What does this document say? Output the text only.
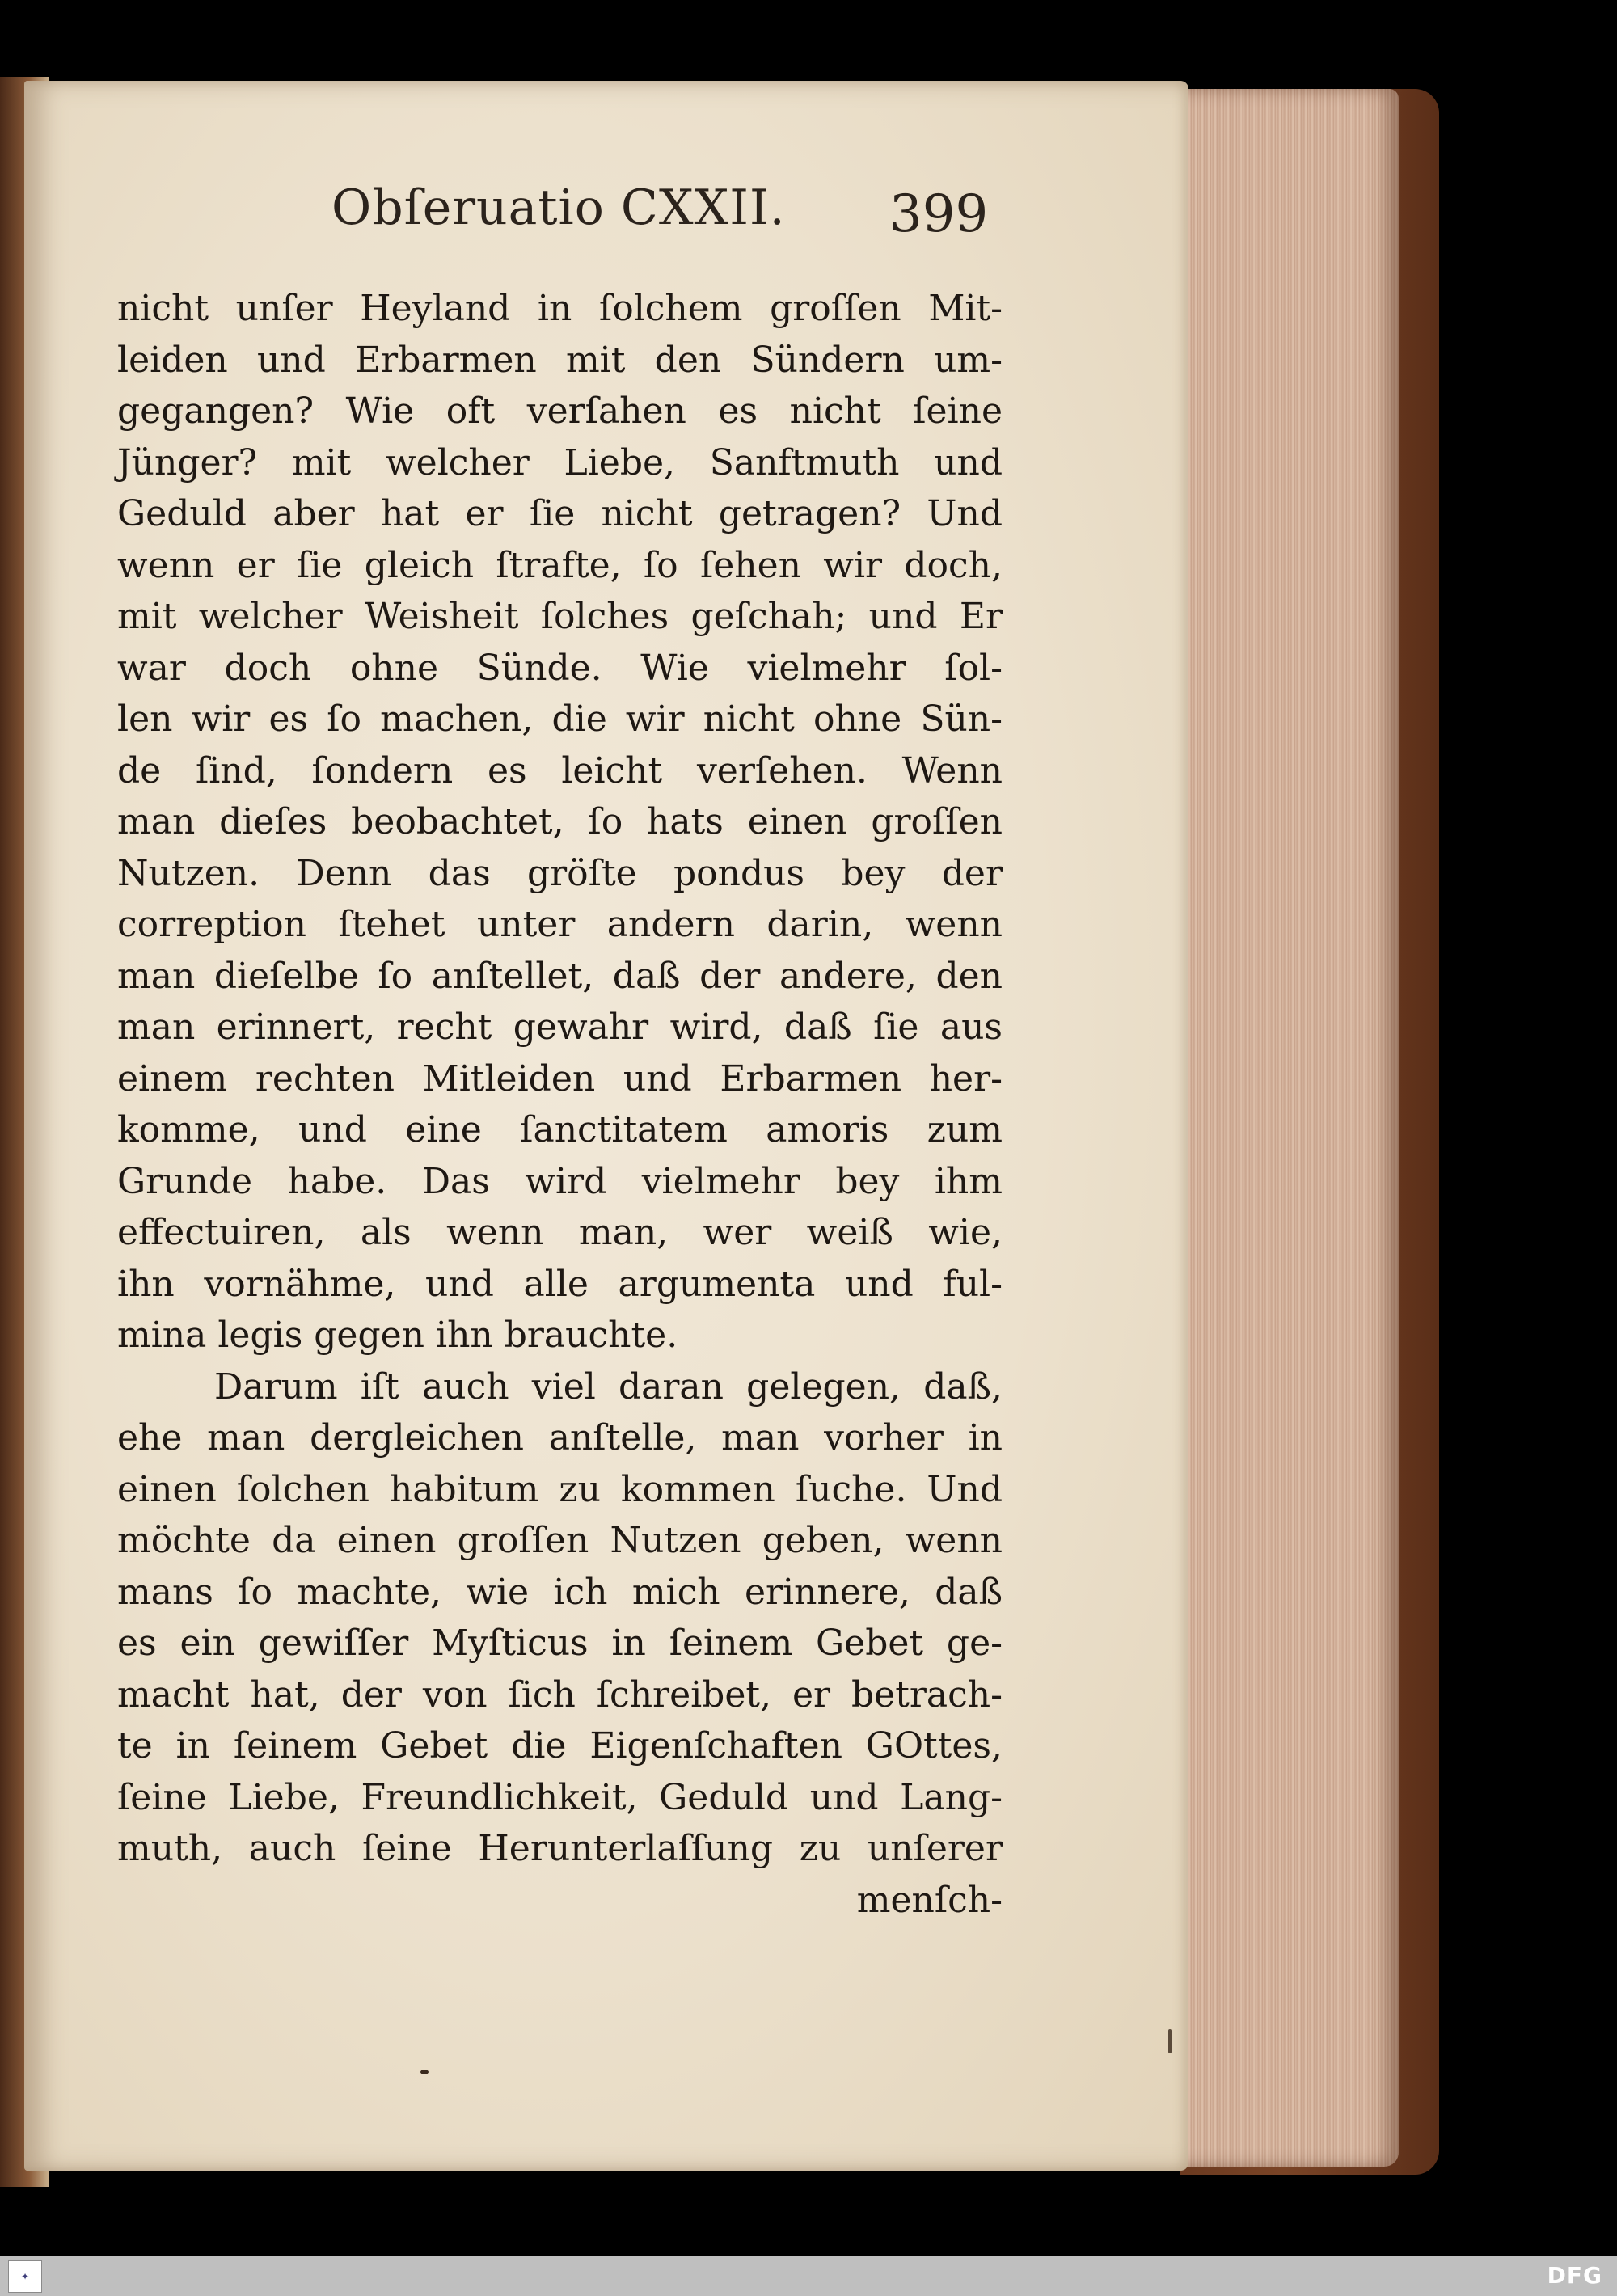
Obſeruatio CXXII. 399
nicht unſer Heyland in ſolchem groſſen Mit-
leiden und Erbarmen mit den Sündern um-
gegangen? Wie oft verſahen es nicht ſeine
Jünger? mit welcher Liebe, Sanftmuth und
Geduld aber hat er ſie nicht getragen? Und
wenn er ſie gleich ſtrafte, ſo ſehen wir doch,
mit welcher Weisheit ſolches geſchah; und Er
war doch ohne Sünde. Wie vielmehr ſol-
len wir es ſo machen, die wir nicht ohne Sün-
de ſind, ſondern es leicht verſehen. Wenn
man dieſes beobachtet, ſo hats einen groſſen
Nutzen. Denn das gröſte pondus bey der
correption ſtehet unter andern darin, wenn
man dieſelbe ſo anſtellet, daß der andere, den
man erinnert, recht gewahr wird, daß ſie aus
einem rechten Mitleiden und Erbarmen her-
komme, und eine ſanctitatem amoris zum
Grunde habe. Das wird vielmehr bey ihm
effectuiren, als wenn man, wer weiß wie,
ihn vornähme, und alle argumenta und ful-
mina legis gegen ihn brauchte.
Darum iſt auch viel daran gelegen, daß,
ehe man dergleichen anſtelle, man vorher in
einen ſolchen habitum zu kommen ſuche. Und
möchte da einen groſſen Nutzen geben, wenn
mans ſo machte, wie ich mich erinnere, daß
es ein gewiſſer Myſticus in ſeinem Gebet ge-
macht hat, der von ſich ſchreibet, er betrach-
te in ſeinem Gebet die Eigenſchaften GOttes,
ſeine Liebe, Freundlichkeit, Geduld und Lang-
muth, auch ſeine Herunterlaſſung zu unſerer
menſch-
✦	DFG
